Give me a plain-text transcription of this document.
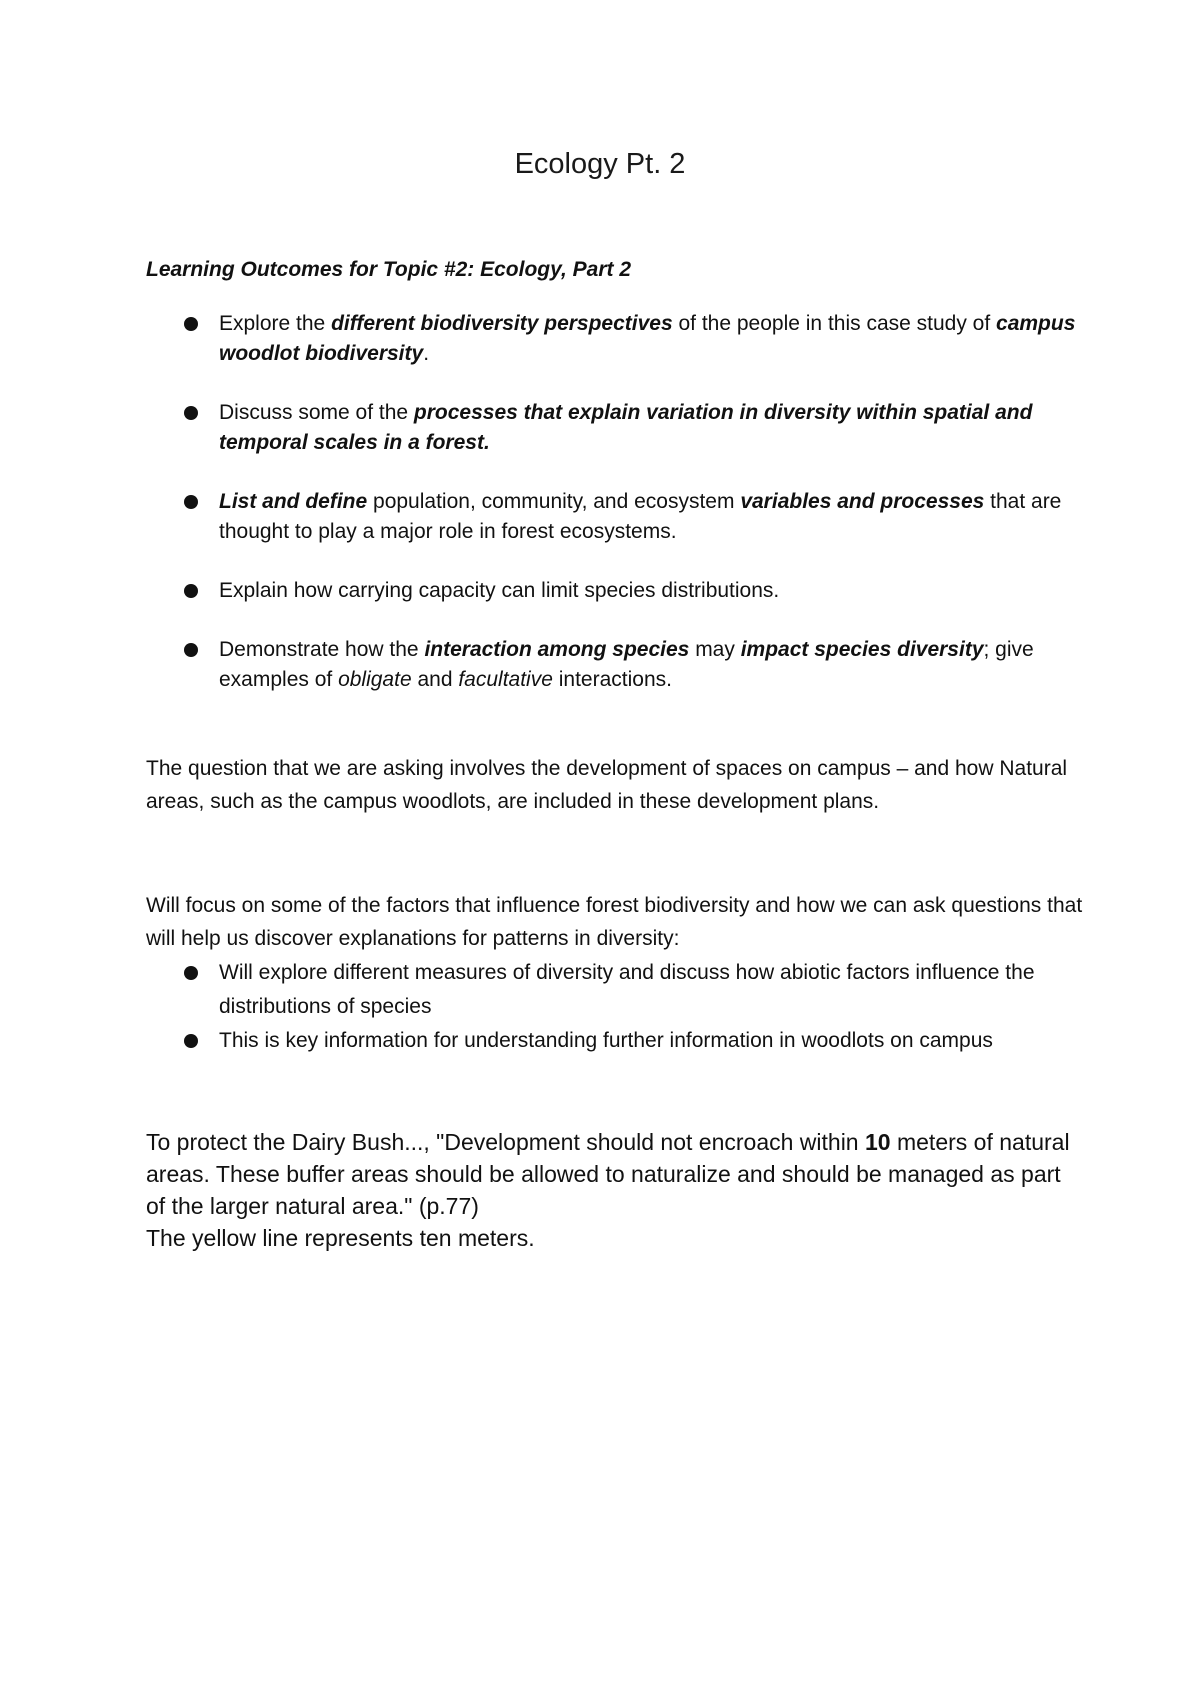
Ecology Pt. 2

Learning Outcomes for Topic #2: Ecology, Part 2

Explore the different biodiversity perspectives of the people in this case study of campus woodlot biodiversity.
Discuss some of the processes that explain variation in diversity within spatial and temporal scales in a forest.
List and define population, community, and ecosystem variables and processes that are thought to play a major role in forest ecosystems.
Explain how carrying capacity can limit species distributions.
Demonstrate how the interaction among species may impact species diversity; give examples of obligate and facultative interactions.

The question that we are asking involves the development of spaces on campus – and how Natural areas, such as the campus woodlots, are included in these development plans.

Will focus on some of the factors that influence forest biodiversity and how we can ask questions that will help us discover explanations for patterns in diversity:

Will explore different measures of diversity and discuss how abiotic factors influence the distributions of species
This is key information for understanding further information in woodlots on campus

To protect the Dairy Bush..., "Development should not encroach within 10 meters of natural areas. These buffer areas should be allowed to naturalize and should be managed as part of the larger natural area." (p.77)
The yellow line represents ten meters.
